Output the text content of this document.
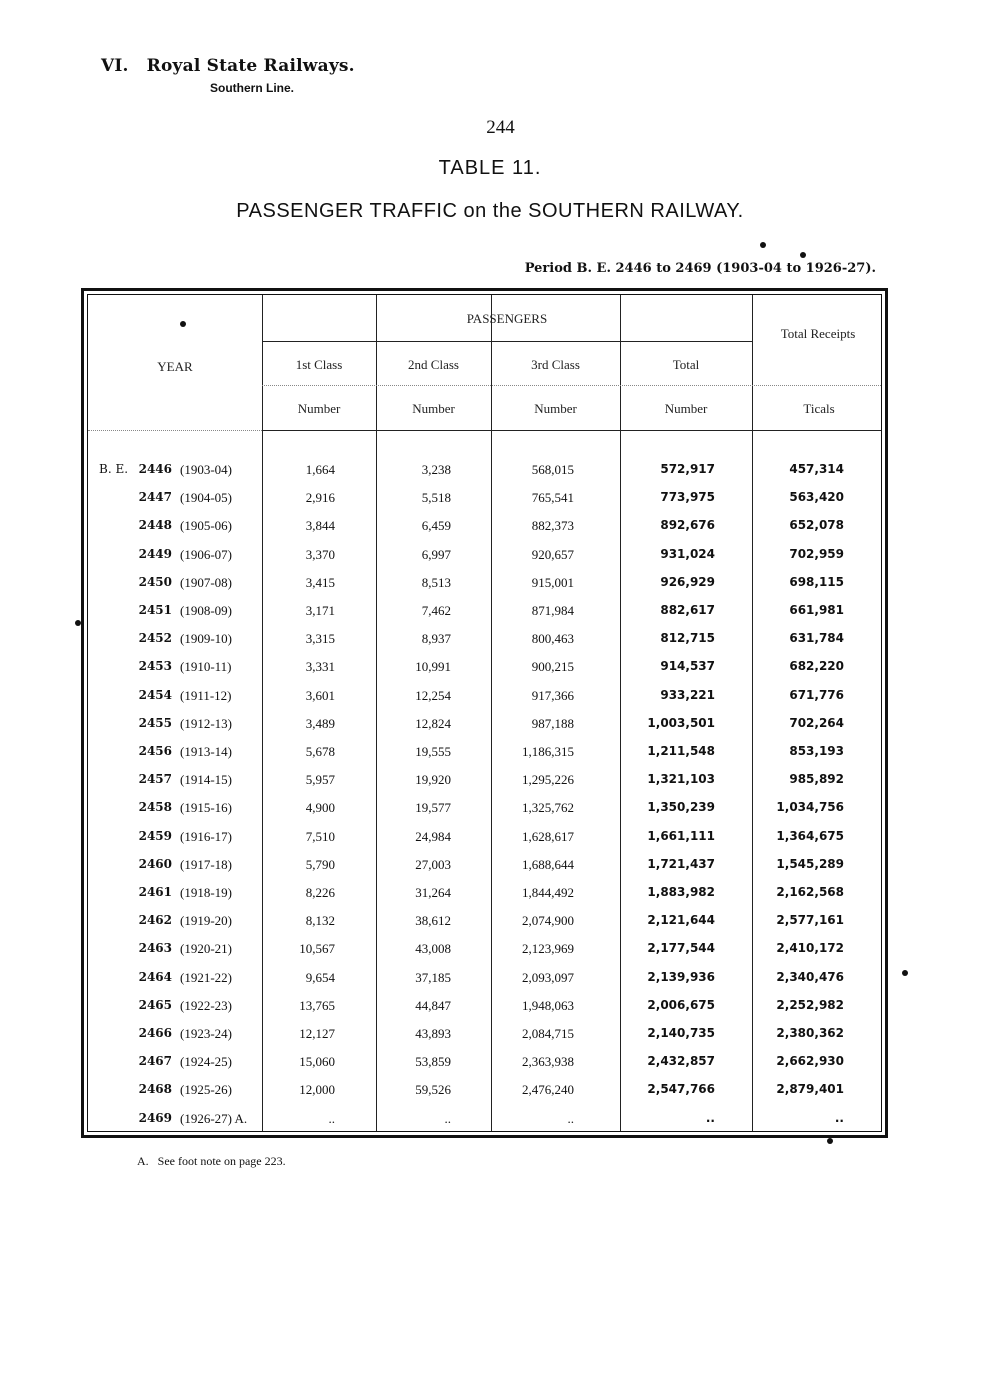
VI. Royal State Railways.
Southern Line.
244
TABLE 11.
PASSENGER TRAFFIC on the SOUTHERN RAILWAY.
Period B. E. 2446 to 2469 (1903-04 to 1926-27).
YEAR
PASSENGERS
1st Class	2nd Class	3rd Class	Total
Total Receipts
Number	Number	Number	Number	Ticals
B. E. 2446 (1903-04)	1,664	3,238	568,015	572,917	457,314
2447 (1904-05)	2,916	5,518	765,541	773,975	563,420
2448 (1905-06)	3,844	6,459	882,373	892,676	652,078
2449 (1906-07)	3,370	6,997	920,657	931,024	702,959
2450 (1907-08)	3,415	8,513	915,001	926,929	698,115
2451 (1908-09)	3,171	7,462	871,984	882,617	661,981
2452 (1909-10)	3,315	8,937	800,463	812,715	631,784
2453 (1910-11)	3,331	10,991	900,215	914,537	682,220
2454 (1911-12)	3,601	12,254	917,366	933,221	671,776
2455 (1912-13)	3,489	12,824	987,188	1,003,501	702,264
2456 (1913-14)	5,678	19,555	1,186,315	1,211,548	853,193
2457 (1914-15)	5,957	19,920	1,295,226	1,321,103	985,892
2458 (1915-16)	4,900	19,577	1,325,762	1,350,239	1,034,756
2459 (1916-17)	7,510	24,984	1,628,617	1,661,111	1,364,675
2460 (1917-18)	5,790	27,003	1,688,644	1,721,437	1,545,289
2461 (1918-19)	8,226	31,264	1,844,492	1,883,982	2,162,568
2462 (1919-20)	8,132	38,612	2,074,900	2,121,644	2,577,161
2463 (1920-21)	10,567	43,008	2,123,969	2,177,544	2,410,172
2464 (1921-22)	9,654	37,185	2,093,097	2,139,936	2,340,476
2465 (1922-23)	13,765	44,847	1,948,063	2,006,675	2,252,982
2466 (1923-24)	12,127	43,893	2,084,715	2,140,735	2,380,362
2467 (1924-25)	15,060	53,859	2,363,938	2,432,857	2,662,930
2468 (1925-26)	12,000	59,526	2,476,240	2,547,766	2,879,401
2469 (1926-27) A.	..	..	..	..	..
A.   See foot note on page 223.
